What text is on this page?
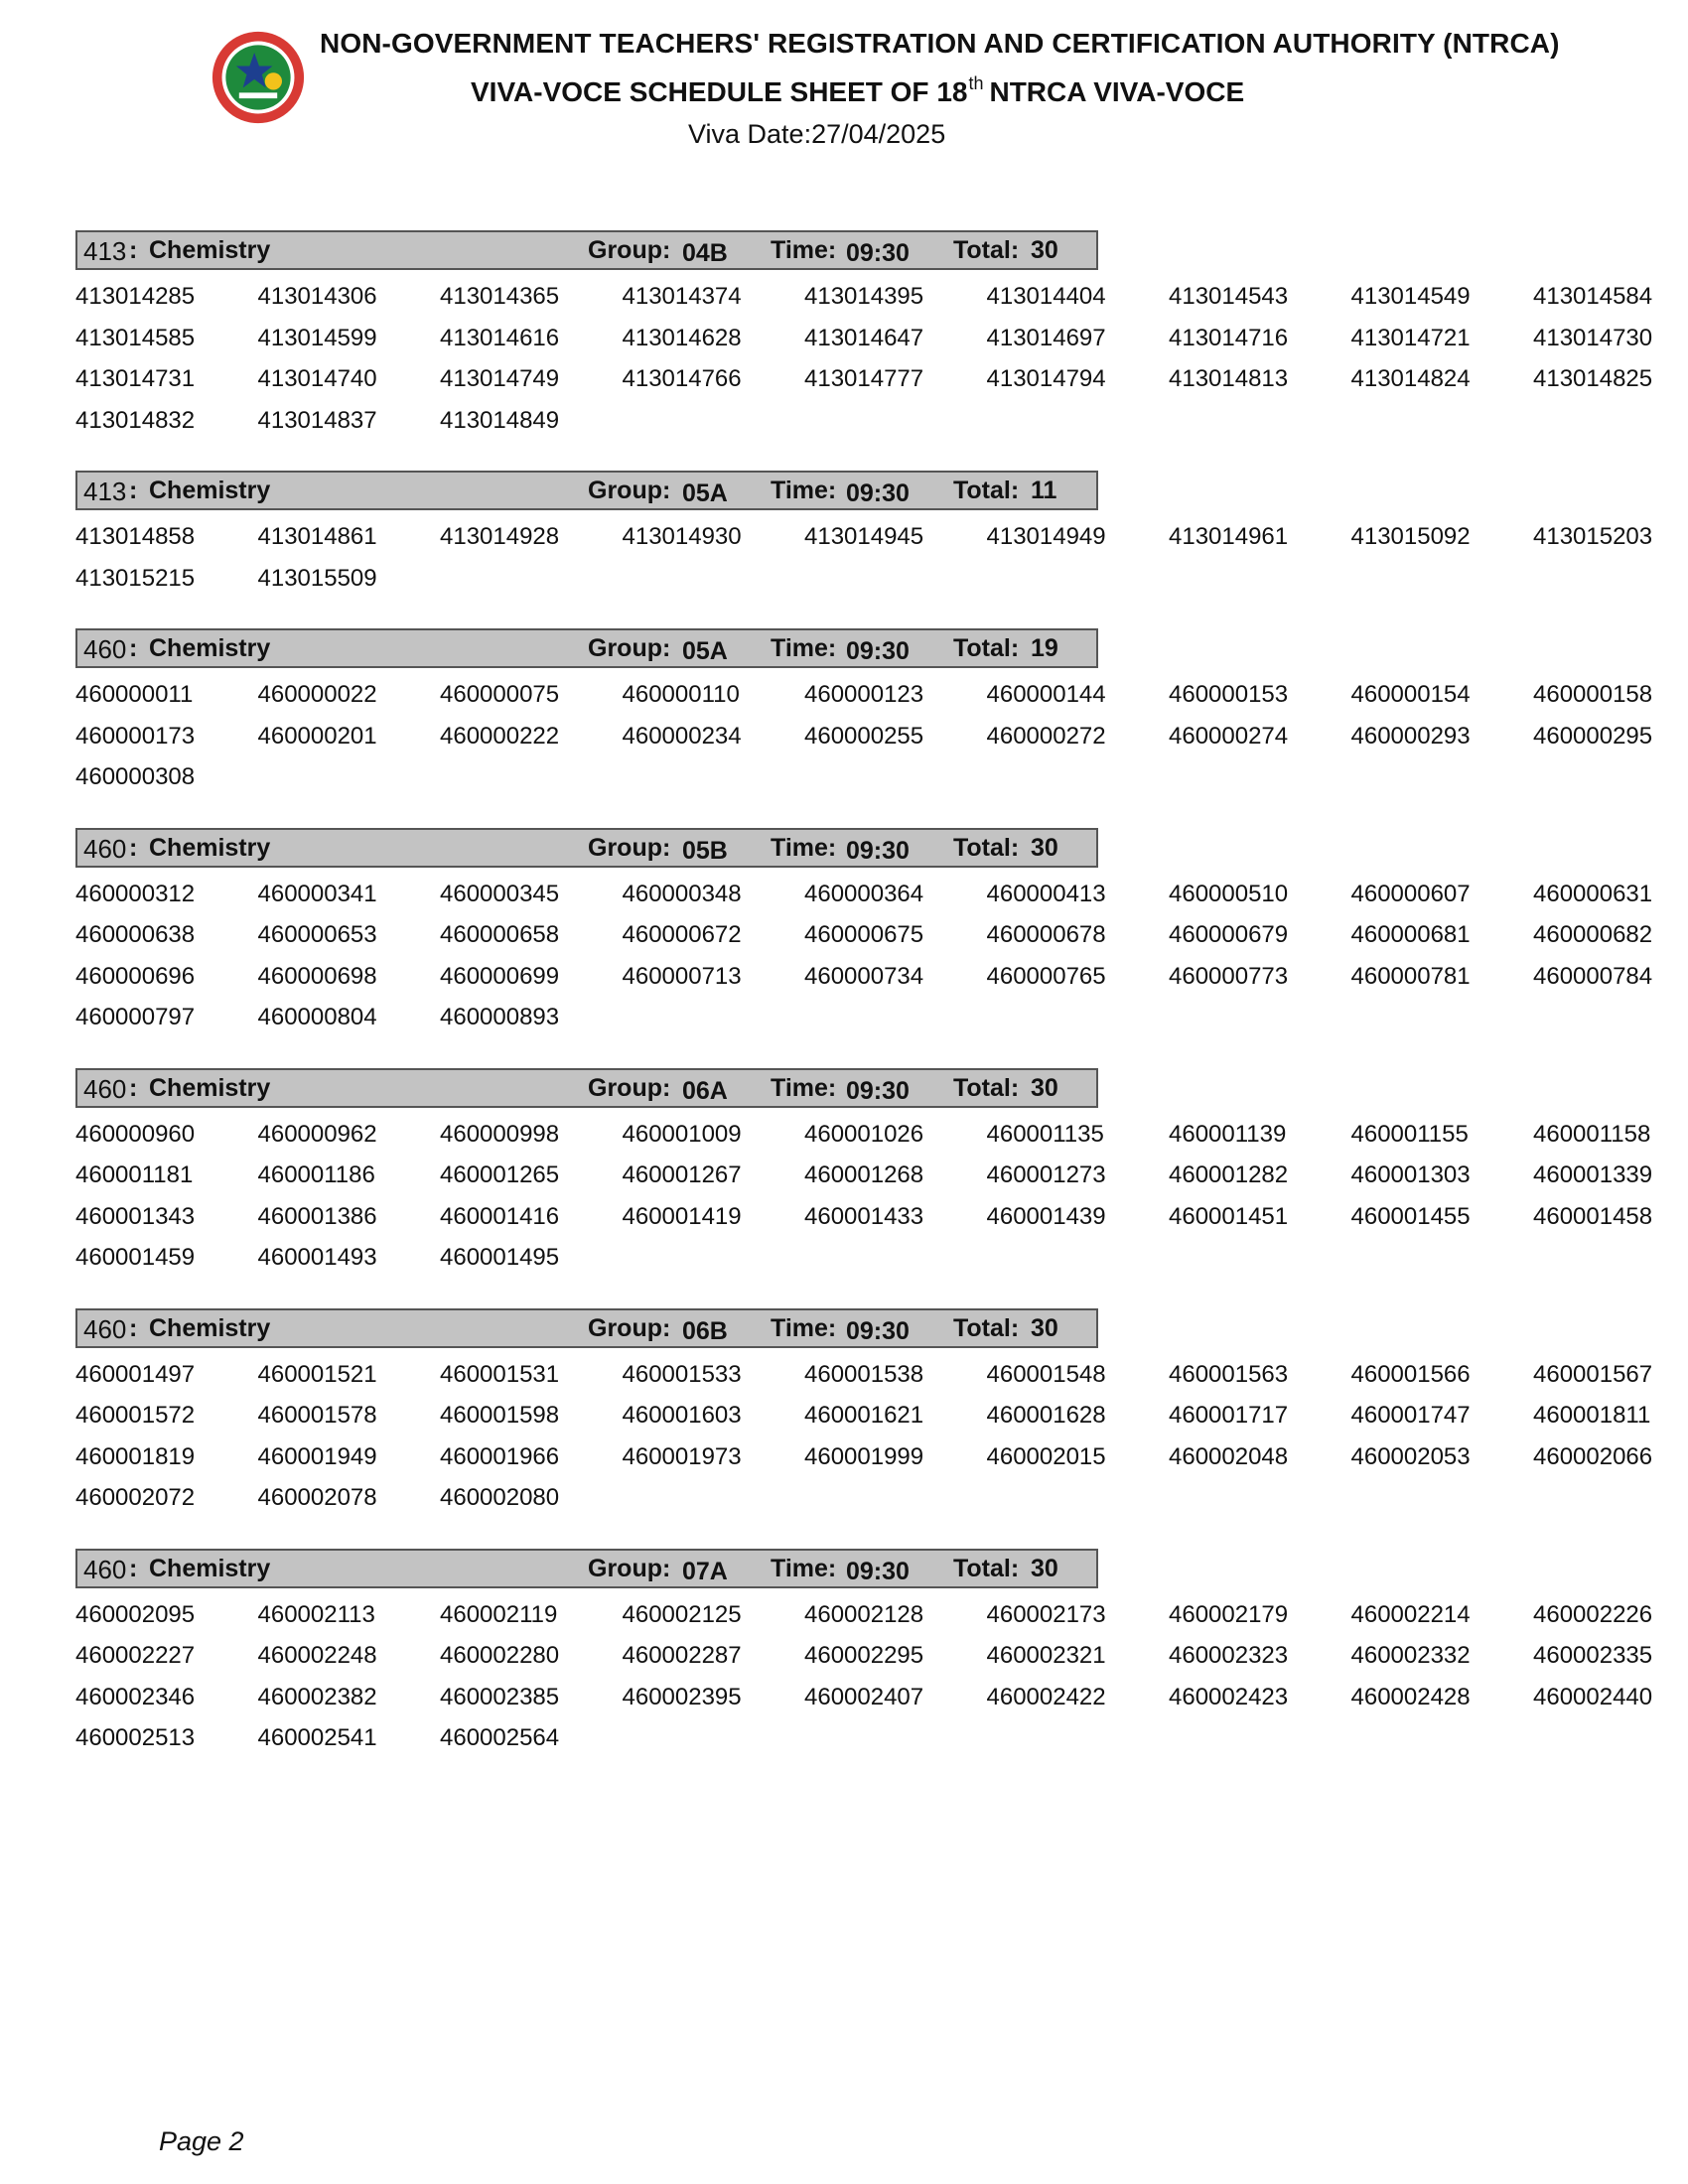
NON-GOVERNMENT TEACHERS' REGISTRATION AND CERTIFICATION AUTHORITY (NTRCA)
VIVA-VOCE SCHEDULE SHEET OF 18th NTRCA VIVA-VOCE
Viva Date:27/04/2025
413 : Chemistry	Group: 04B Time: 09:30 Total: 30
413014285	413014306	413014365	413014374	413014395	413014404	413014543	413014549	413014584
413014585	413014599	413014616	413014628	413014647	413014697	413014716	413014721	413014730
413014731	413014740	413014749	413014766	413014777	413014794	413014813	413014824	413014825
413014832	413014837	413014849
413 : Chemistry	Group: 05A Time: 09:30 Total: 11
413014858	413014861	413014928	413014930	413014945	413014949	413014961	413015092	413015203
413015215	413015509
460 : Chemistry	Group: 05A Time: 09:30 Total: 19
460000011	460000022	460000075	460000110	460000123	460000144	460000153	460000154	460000158
460000173	460000201	460000222	460000234	460000255	460000272	460000274	460000293	460000295
460000308
460 : Chemistry	Group: 05B Time: 09:30 Total: 30
460000312	460000341	460000345	460000348	460000364	460000413	460000510	460000607	460000631
460000638	460000653	460000658	460000672	460000675	460000678	460000679	460000681	460000682
460000696	460000698	460000699	460000713	460000734	460000765	460000773	460000781	460000784
460000797	460000804	460000893
460 : Chemistry	Group: 06A Time: 09:30 Total: 30
460000960	460000962	460000998	460001009	460001026	460001135	460001139	460001155	460001158
460001181	460001186	460001265	460001267	460001268	460001273	460001282	460001303	460001339
460001343	460001386	460001416	460001419	460001433	460001439	460001451	460001455	460001458
460001459	460001493	460001495
460 : Chemistry	Group: 06B Time: 09:30 Total: 30
460001497	460001521	460001531	460001533	460001538	460001548	460001563	460001566	460001567
460001572	460001578	460001598	460001603	460001621	460001628	460001717	460001747	460001811
460001819	460001949	460001966	460001973	460001999	460002015	460002048	460002053	460002066
460002072	460002078	460002080
460 : Chemistry	Group: 07A Time: 09:30 Total: 30
460002095	460002113	460002119	460002125	460002128	460002173	460002179	460002214	460002226
460002227	460002248	460002280	460002287	460002295	460002321	460002323	460002332	460002335
460002346	460002382	460002385	460002395	460002407	460002422	460002423	460002428	460002440
460002513	460002541	460002564
Page 2
